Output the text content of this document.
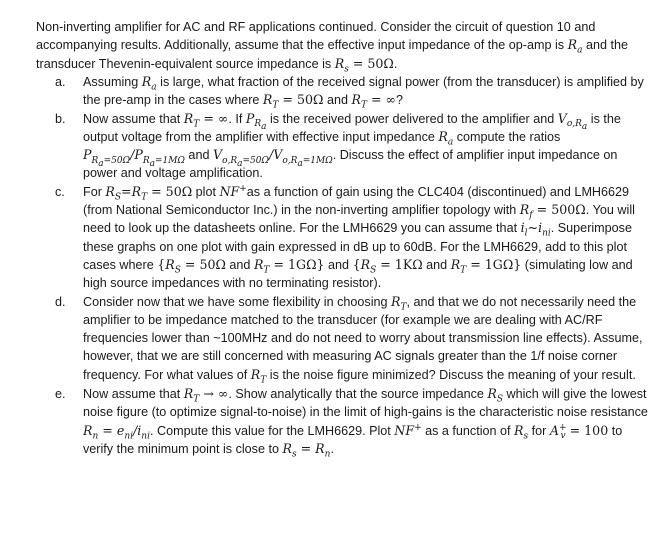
Non-inverting amplifier for AC and RF applications continued. Consider the circuit of question 10 and accompanying results. Additionally, assume that the effective input impedance of the op-amp is $R_a$ and the transducer Thevenin-equivalent source impedance is $R_s = 50\Omega$.

a. Assuming $R_a$ is large, what fraction of the received signal power (from the transducer) is amplified by the pre-amp in the cases where $R_T = 50\Omega$ and $R_T$ = ∞?
b. Now assume that $R_T$ = ∞. If $P_{R_a}$ is the received power delivered to the amplifier and $V_{o,R_a}$ is the output voltage from the amplifier with effective input impedance $R_a$ compute the ratios $P_{R_a=50\Omega}/P_{R_a=1M\Omega}$ and $V_{o,R_a=50\Omega}/V_{o,R_a=1M\Omega}$. Discuss the effect of amplifier input impedance on power and voltage amplification.
c. For $R_S=R_T = 50\Omega$ plot NF+as a function of gain using the CLC404 (discontinued) and LMH6629 (from National Semiconductor Inc.) in the non-inverting amplifier topology with $R_f = 500\Omega$. You will need to look up the datasheets online. For the LMH6629 you can assume that $i_l\sim i_{ni}$. Superimpose these graphs on one plot with gain expressed in dB up to 60dB. For the LMH6629, add to this plot cases where {$R_S = 50\Omega$ and $R_T = 1G\Omega$} and {$R_S = 1K\Omega$ and $R_T = 1G\Omega$} (simulating low and high source impedances with no terminating resistor).
d. Consider now that we have some flexibility in choosing $R_T$, and that we do not necessarily need the amplifier to be impedance matched to the transducer (for example we are dealing with AC/RF frequencies lower than ~100MHz and do not need to worry about transmission line effects). Assume, however, that we are still concerned with measuring AC signals greater than the 1/f noise corner frequency. For what values of $R_T$ is the noise figure minimized? Discuss the meaning of your result.
e. Now assume that $R_T$ → ∞. Show analytically that the source impedance $R_S$ which will give the lowest noise figure (to optimize signal-to-noise) in the limit of high-gains is the characteristic noise resistance $R_n = e_{ni}/i_{ni}$. Compute this value for the LMH6629. Plot NF+ as a function of $R_s$ for $A^+_v = 100$ to verify the minimum point is close to $R_s = R_n$.
